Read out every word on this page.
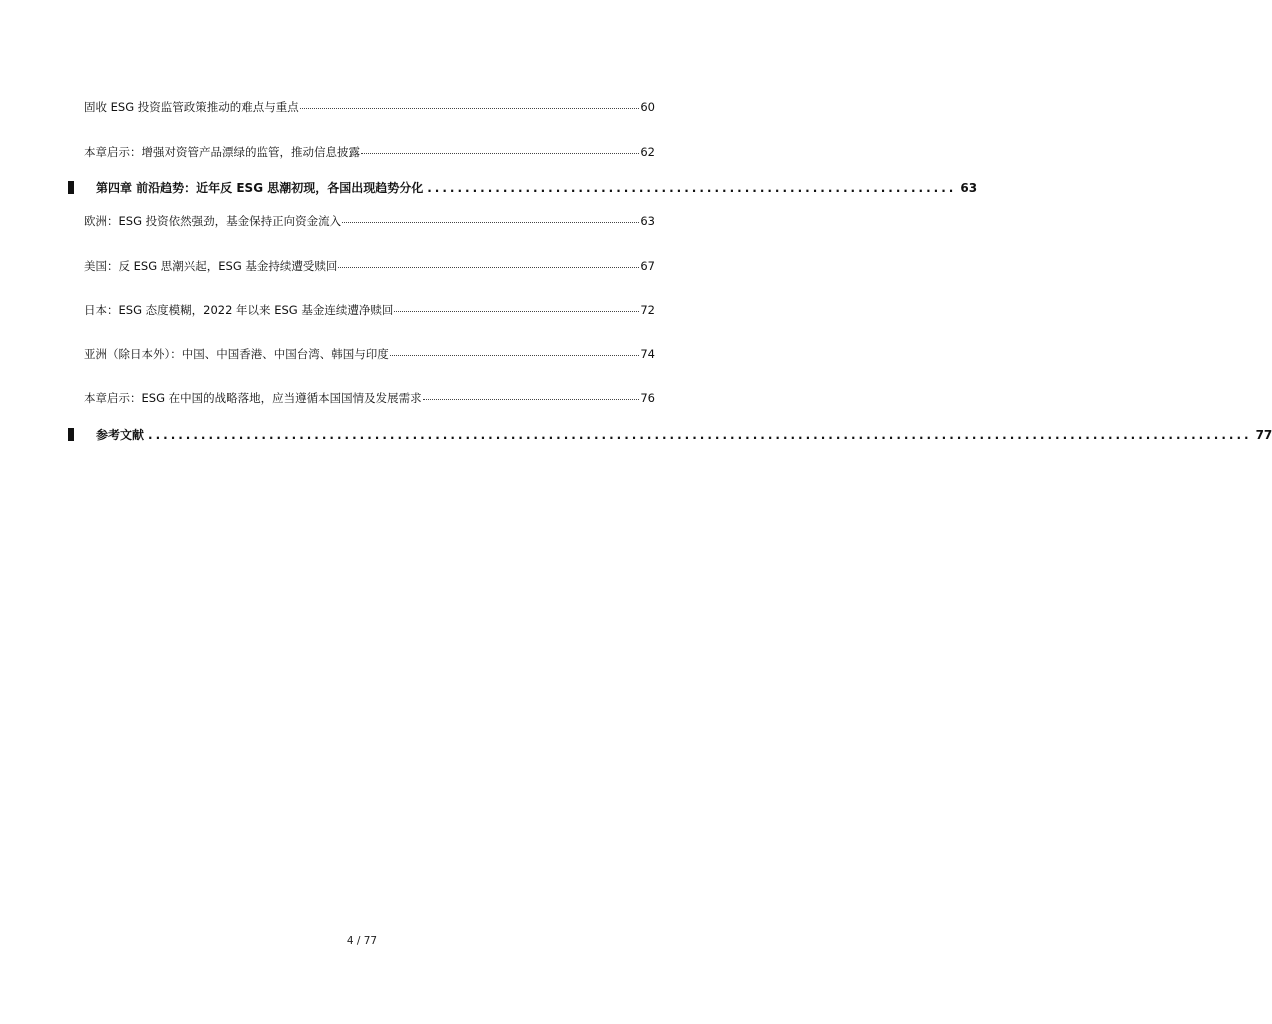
固收 ESG 投资监管政策推动的难点与重点	60
本章启示：增强对资管产品漂绿的监管，推动信息披露	62
第四章 前沿趋势：近年反 ESG 思潮初现，各国出现趋势分化 ...................................................................... 63
欧洲：ESG 投资依然强劲，基金保持正向资金流入	63
美国：反 ESG 思潮兴起，ESG 基金持续遭受赎回	67
日本：ESG 态度模糊，2022 年以来 ESG 基金连续遭净赎回	72
亚洲（除日本外）：中国、中国香港、中国台湾、韩国与印度	74
本章启示：ESG 在中国的战略落地，应当遵循本国国情及发展需求	76
参考文献 .................................................................................................................................................. 77
4 / 77
